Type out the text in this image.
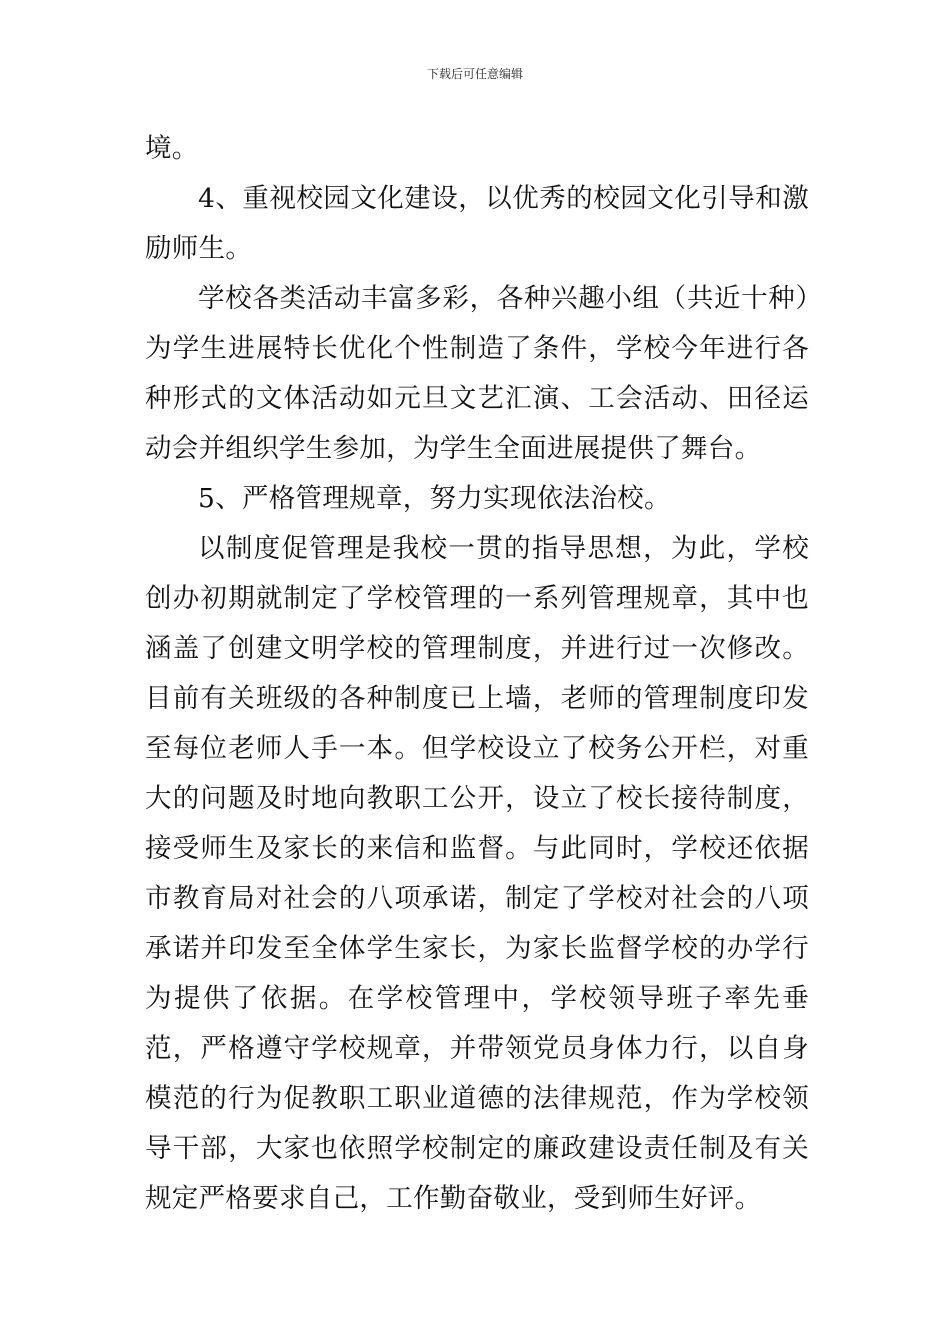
下载后可任意编辑

境。

4、重视校园文化建设，以优秀的校园文化引导和激励师生。

学校各类活动丰富多彩，各种兴趣小组（共近十种）为学生进展特长优化个性制造了条件，学校今年进行各种形式的文体活动如元旦文艺汇演、工会活动、田径运动会并组织学生参加，为学生全面进展提供了舞台。

5、严格管理规章，努力实现依法治校。

以制度促管理是我校一贯的指导思想，为此，学校创办初期就制定了学校管理的一系列管理规章，其中也涵盖了创建文明学校的管理制度，并进行过一次修改。目前有关班级的各种制度已上墙，老师的管理制度印发至每位老师人手一本。但学校设立了校务公开栏，对重大的问题及时地向教职工公开，设立了校长接待制度，接受师生及家长的来信和监督。与此同时，学校还依据市教育局对社会的八项承诺，制定了学校对社会的八项承诺并印发至全体学生家长，为家长监督学校的办学行为提供了依据。在学校管理中，学校领导班子率先垂范，严格遵守学校规章，并带领党员身体力行，以自身模范的行为促教职工职业道德的法律规范，作为学校领导干部，大家也依照学校制定的廉政建设责任制及有关规定严格要求自己，工作勤奋敬业，受到师生好评。
